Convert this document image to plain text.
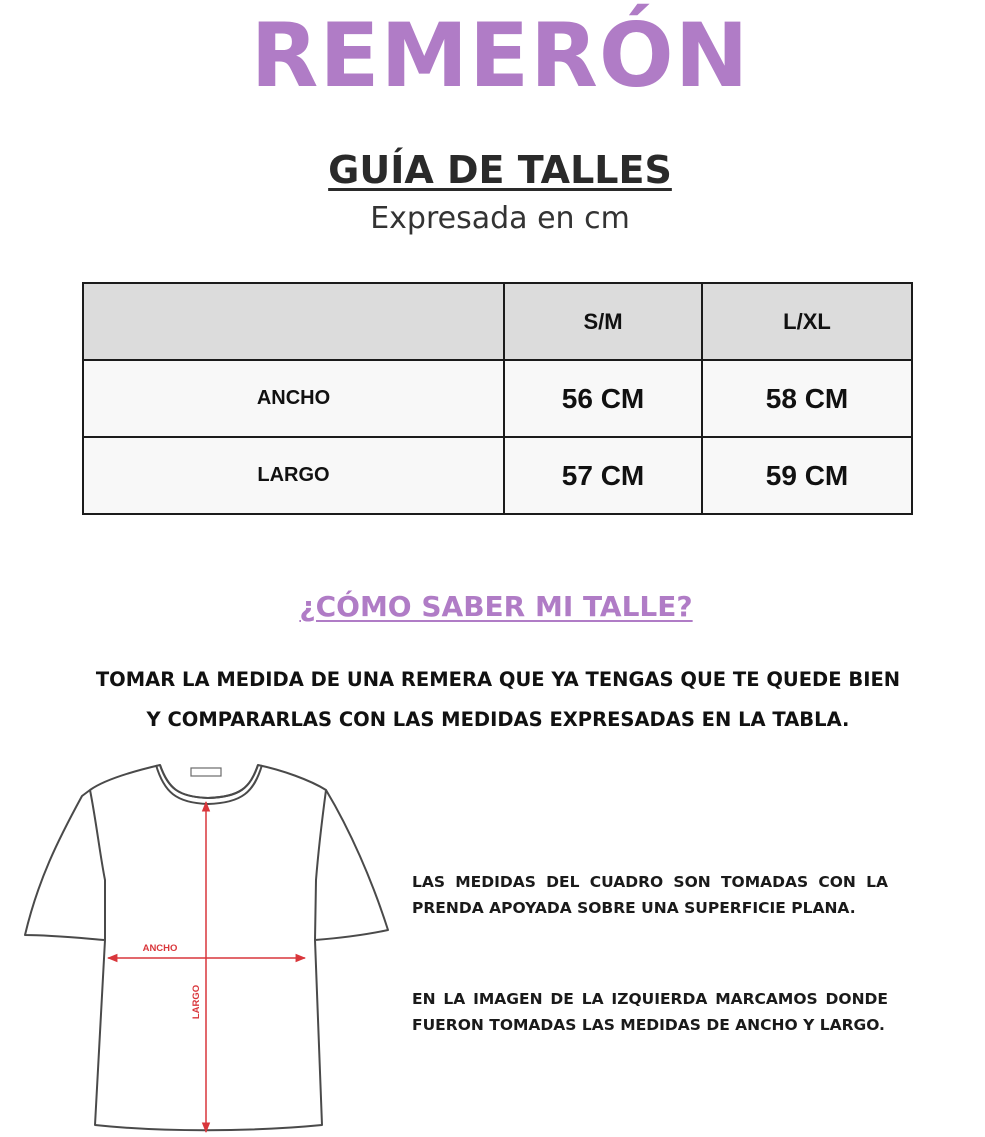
REMERÓN
GUÍA DE TALLES
Expresada en cm
	S/M	L/XL
ANCHO	56 CM	58 CM
LARGO	57 CM	59 CM
¿CÓMO SABER MI TALLE?
TOMAR LA MEDIDA DE UNA REMERA QUE YA TENGAS QUE TE QUEDE BIEN
Y COMPARARLAS CON LAS MEDIDAS EXPRESADAS EN LA TABLA.
ANCHO
LARGO
LAS MEDIDAS DEL CUADRO SON TOMADAS CON LA PRENDA APOYADA SOBRE UNA SUPERFICIE PLANA.
EN LA IMAGEN DE LA IZQUIERDA MARCAMOS DONDE FUERON TOMADAS LAS MEDIDAS DE ANCHO Y LARGO.
